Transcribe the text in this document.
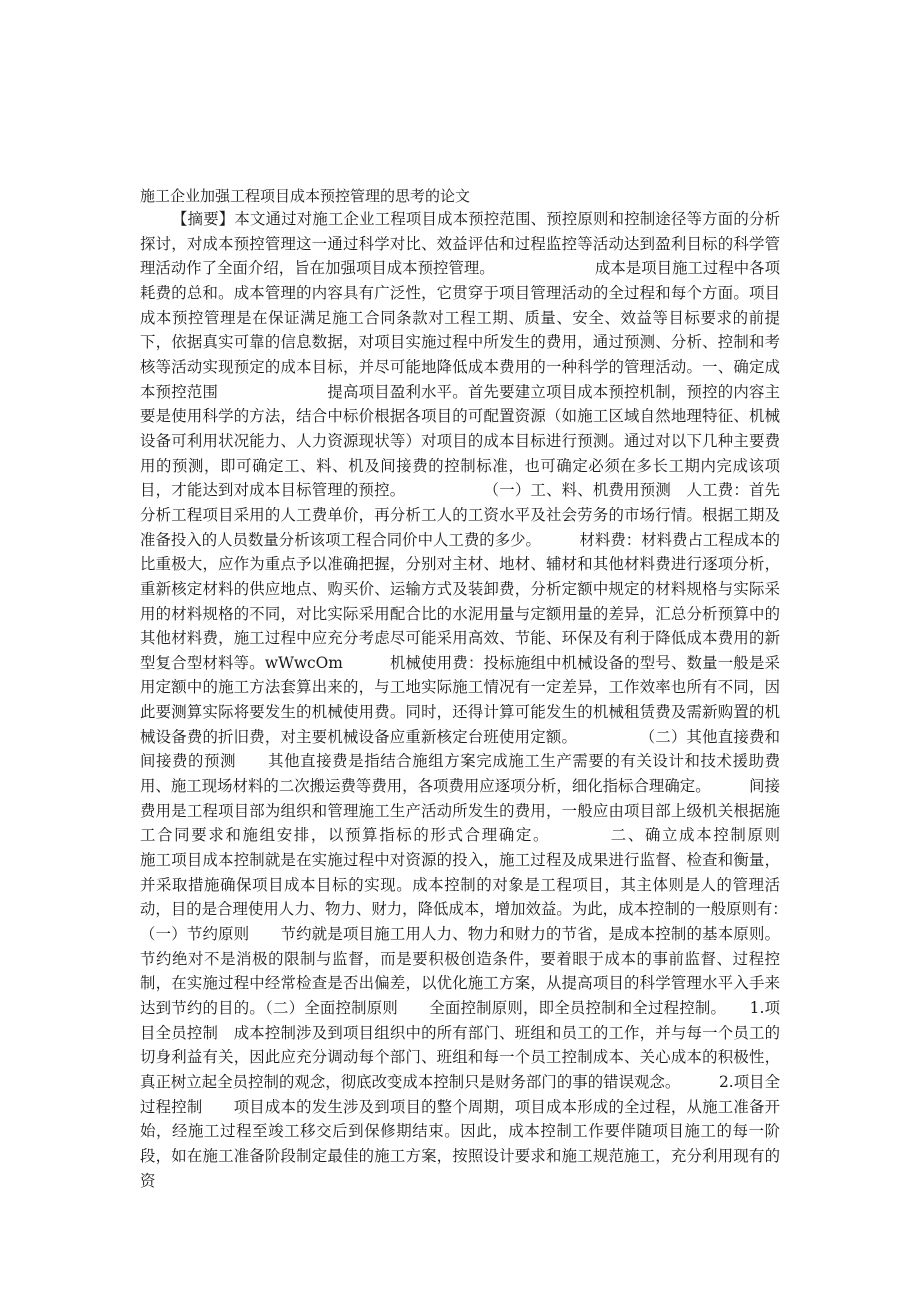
施工企业加强工程项目成本预控管理的思考的论文

【摘要】本文通过对施工企业工程项目成本预控范围、预控原则和控制途径等方面的分析探讨，对成本预控管理这一通过科学对比、效益评估和过程监控等活动达到盈利目标的科学管理活动作了全面介绍，旨在加强项目成本预控管理。　　　　　　　成本是项目施工过程中各项耗费的总和。成本管理的内容具有广泛性，它贯穿于项目管理活动的全过程和每个方面。项目成本预控管理是在保证满足施工合同条款对工程工期、质量、安全、效益等目标要求的前提下，依据真实可靠的信息数据，对项目实施过程中所发生的费用，通过预测、分析、控制和考核等活动实现预定的成本目标，并尽可能地降低成本费用的一种科学的管理活动。一、确定成本预控范围　　　　　　　提高项目盈利水平。首先要建立项目成本预控机制，预控的内容主要是使用科学的方法，结合中标价根据各项目的可配置资源（如施工区域自然地理特征、机械设备可利用状况能力、人力资源现状等）对项目的成本目标进行预测。通过对以下几种主要费用的预测，即可确定工、料、机及间接费的控制标准，也可确定必须在多长工期内完成该项目，才能达到对成本目标管理的预控。　　　　　　（一）工、料、机费用预测　人工费：首先分析工程项目采用的人工费单价，再分析工人的工资水平及社会劳务的市场行情。根据工期及准备投入的人员数量分析该项工程合同价中人工费的多少。　　　材料费：材料费占工程成本的比重极大，应作为重点予以准确把握，分别对主材、地材、辅材和其他材料费进行逐项分析，重新核定材料的供应地点、购买价、运输方式及装卸费，分析定额中规定的材料规格与实际采用的材料规格的不同，对比实际采用配合比的水泥用量与定额用量的差异，汇总分析预算中的其他材料费，施工过程中应充分考虑尽可能采用高效、节能、环保及有利于降低成本费用的新型复合型材料等。wWwcOm　　　机械使用费：投标施组中机械设备的型号、数量一般是采用定额中的施工方法套算出来的，与工地实际施工情况有一定差异，工作效率也所有不同，因此要测算实际将要发生的机械使用费。同时，还得计算可能发生的机械租赁费及需新购置的机械设备费的折旧费，对主要机械设备应重新核定台班使用定额。　　　　　（二）其他直接费和间接费的预测　　其他直接费是指结合施组方案完成施工生产需要的有关设计和技术援助费用、施工现场材料的二次搬运费等费用，各项费用应逐项分析，细化指标合理确定。　　　间接费用是工程项目部为组织和管理施工生产活动所发生的费用，一般应由项目部上级机关根据施工合同要求和施组安排，以预算指标的形式合理确定。　　　　二、确立成本控制原则　　　　施工项目成本控制就是在实施过程中对资源的投入，施工过程及成果进行监督、检查和衡量，并采取措施确保项目成本目标的实现。成本控制的对象是工程项目，其主体则是人的管理活动，目的是合理使用人力、物力、财力，降低成本，增加效益。为此，成本控制的一般原则有：　　　　　（一）节约原则　　节约就是项目施工用人力、物力和财力的节省，是成本控制的基本原则。节约绝对不是消极的限制与监督，而是要积极创造条件，要着眼于成本的事前监督、过程控制，在实施过程中经常检查是否出偏差，以优化施工方案，从提高项目的科学管理水平入手来达到节约的目的。（二）全面控制原则　　全面控制原则，即全员控制和全过程控制。　　1.项目全员控制　成本控制涉及到项目组织中的所有部门、班组和员工的工作，并与每一个员工的切身利益有关，因此应充分调动每个部门、班组和每一个员工控制成本、关心成本的积极性，真正树立起全员控制的观念，彻底改变成本控制只是财务部门的事的错误观念。　　　2.项目全过程控制　　项目成本的发生涉及到项目的整个周期，项目成本形成的全过程，从施工准备开始，经施工过程至竣工移交后到保修期结束。因此，成本控制工作要伴随项目施工的每一阶段，如在施工准备阶段制定最佳的施工方案，按照设计要求和施工规范施工，充分利用现有的资
